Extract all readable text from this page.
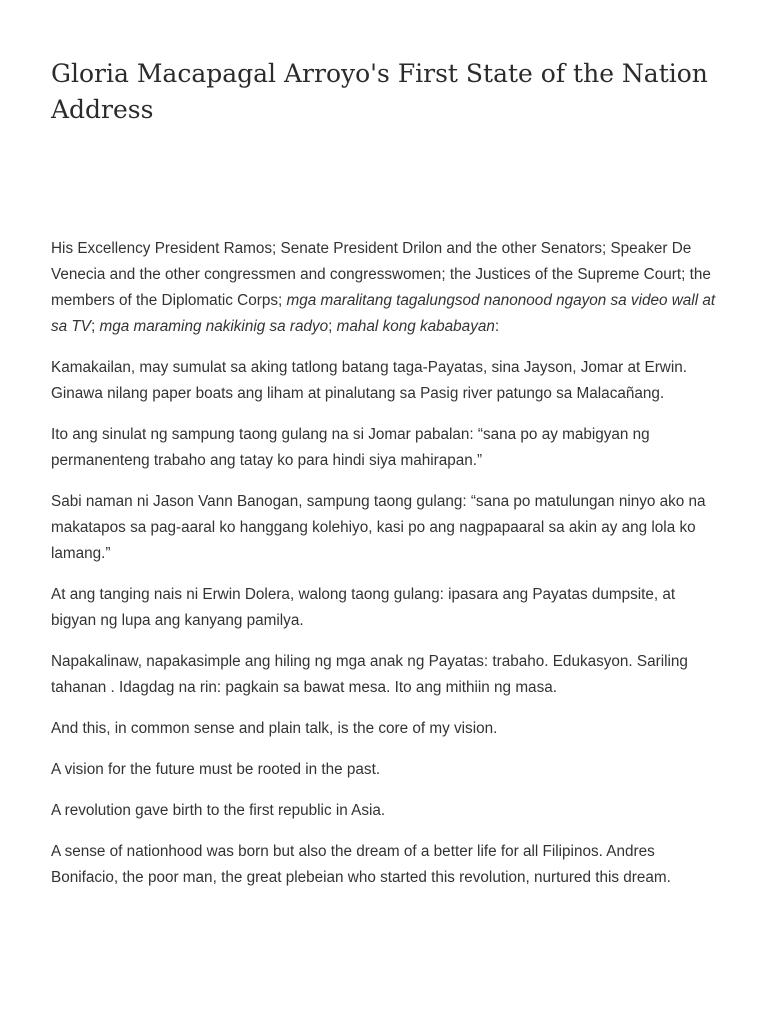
Gloria Macapagal Arroyo's First State of the Nation Address

His Excellency President Ramos; Senate President Drilon and the other Senators; Speaker De Venecia and the other congressmen and congresswomen; the Justices of the Supreme Court; the members of the Diplomatic Corps; mga maralitang tagalungsod nanonood ngayon sa video wall at sa TV; mga maraming nakikinig sa radyo; mahal kong kababayan:

Kamakailan, may sumulat sa aking tatlong batang taga-Payatas, sina Jayson, Jomar at Erwin. Ginawa nilang paper boats ang liham at pinalutang sa Pasig river patungo sa Malacañang.

Ito ang sinulat ng sampung taong gulang na si Jomar pabalan: “sana po ay mabigyan ng permanenteng trabaho ang tatay ko para hindi siya mahirapan.”

Sabi naman ni Jason Vann Banogan, sampung taong gulang: “sana po matulungan ninyo ako na makatapos sa pag-aaral ko hanggang kolehiyo, kasi po ang nagpapaaral sa akin ay ang lola ko lamang.”

At ang tanging nais ni Erwin Dolera, walong taong gulang: ipasara ang Payatas dumpsite, at bigyan ng lupa ang kanyang pamilya.

Napakalinaw, napakasimple ang hiling ng mga anak ng Payatas: trabaho. Edukasyon. Sariling tahanan . Idagdag na rin: pagkain sa bawat mesa. Ito ang mithiin ng masa.

And this, in common sense and plain talk, is the core of my vision.

A vision for the future must be rooted in the past.

A revolution gave birth to the first republic in Asia.

A sense of nationhood was born but also the dream of a better life for all Filipinos. Andres Bonifacio, the poor man, the great plebeian who started this revolution, nurtured this dream.
